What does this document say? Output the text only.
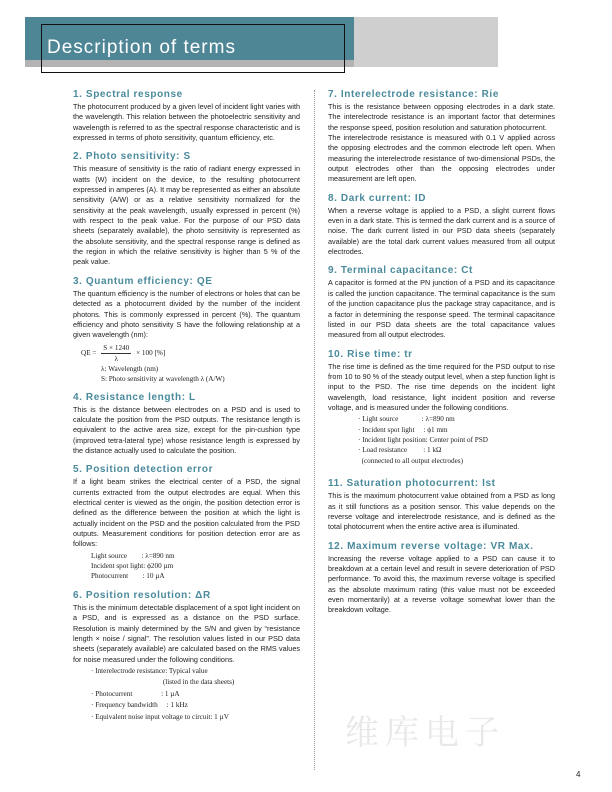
Description of terms
维库电子
1. Spectral response

The photocurrent produced by a given level of incident light varies with the wavelength. This relation between the photoelectric sensitivity and wavelength is referred to as the spectral response characteristic and is expressed in terms of photo sensitivity, quantum efficiency, etc.

2. Photo sensitivity: S

This measure of sensitivity is the ratio of radiant energy expressed in watts (W) incident on the device, to the resulting photocurrent expressed in amperes (A). It may be represented as either an absolute sensitivity (A/W) or as a relative sensitivity normalized for the sensitivity at the peak wavelength, usually expressed in percent (%) with respect to the peak value. For the purpose of our PSD data sheets (separately available), the photo sensitivity is represented as the absolute sensitivity, and the spectral response range is defined as the region in which the relative sensitivity is higher than 5 % of the peak value.

3. Quantum efficiency: QE

The quantum efficiency is the number of electrons or holes that can be detected as a photocurrent divided by the number of the incident photons. This is commonly expressed in percent (%). The quantum efficiency and photo sensitivity S have the following relationship at a given wavelength (nm):

QE = $\frac{S \times 1240}{\lambda} \times 100$ [%]
λ: Wavelength (nm)
S: Photo sensitivity at wavelength λ (A/W)
4. Resistance length: L

This is the distance between electrodes on a PSD and is used to calculate the position from the PSD outputs. The resistance length is equivalent to the active area size, except for the pin-cushion type (improved tetra-lateral type) whose resistance length is expressed by the distance actually used to calculate the position.

5. Position detection error

If a light beam strikes the electrical center of a PSD, the signal currents extracted from the output electrodes are equal. When this electrical center is viewed as the origin, the position detection error is defined as the difference between the position at which the light is actually incident on the PSD and the position calculated from the PSD outputs. Measurement conditions for position detection error are as follows:

Light source        : λ=890 nm
Incident spot light: ϕ200 µm
Photocurrent        : 10 µA
6. Position resolution: ΔR

This is the minimum detectable displacement of a spot light incident on a PSD, and is expressed as a distance on the PSD surface. Resolution is mainly determined by the S/N and given by “resistance length × noise / signal”. The resolution values listed in our PSD data sheets (separately available) are calculated based on the RMS values for noise measured under the following conditions.

· Interelectrode resistance: Typical value
(listed in the data sheets)
· Photocurrent                : 1 µA
· Frequency bandwidth     : 1 kHz
· Equivalent noise input voltage to circuit: 1 µV
7. Interelectrode resistance: Rie

This is the resistance between opposing electrodes in a dark state. The interelectrode resistance is an important factor that determines the response speed, position resolution and saturation photocurrent.

The interelectrode resistance is measured with 0.1 V applied across the opposing electrodes and the common electrode left open. When measuring the interelectrode resistance of two-dimensional PSDs, the output electrodes other than the opposing electrodes under measurement are left open.

8. Dark current: ID

When a reverse voltage is applied to a PSD, a slight current flows even in a dark state. This is termed the dark current and is a source of noise. The dark current listed in our PSD data sheets (separately available) are the total dark current values measured from all output electrodes.

9. Terminal capacitance: Ct

A capacitor is formed at the PN junction of a PSD and its capacitance is called the junction capacitance. The terminal capacitance is the sum of the junction capacitance plus the package stray capacitance, and is a factor in determining the response speed. The terminal capacitance listed in our PSD data sheets are the total capacitance values measured from all output electrodes.

10. Rise time: tr

The rise time is defined as the time required for the PSD output to rise from 10 to 90 % of the steady output level, when a step function light is input to the PSD. The rise time depends on the incident light wavelength, load resistance, light incident position and reverse voltage, and is measured under the following conditions.

· Light source             : λ=890 nm
· Incident spot light     : ϕ1 mm
· Incident light position: Center point of PSD
· Load resistance         : 1 kΩ
(connected to all output electrodes)
11. Saturation photocurrent: Ist

This is the maximum photocurrent value obtained from a PSD as long as it still functions as a position sensor. This value depends on the reverse voltage and interelectrode resistance, and is defined as the total photocurrent when the entire active area is illuminated.

12. Maximum reverse voltage: VR Max.

Increasing the reverse voltage applied to a PSD can cause it to breakdown at a certain level and result in severe deterioration of PSD performance. To avoid this, the maximum reverse voltage is specified as the absolute maximum rating (this value must not be exceeded even momentarily) at a reverse voltage somewhat lower than the breakdown voltage.

4
